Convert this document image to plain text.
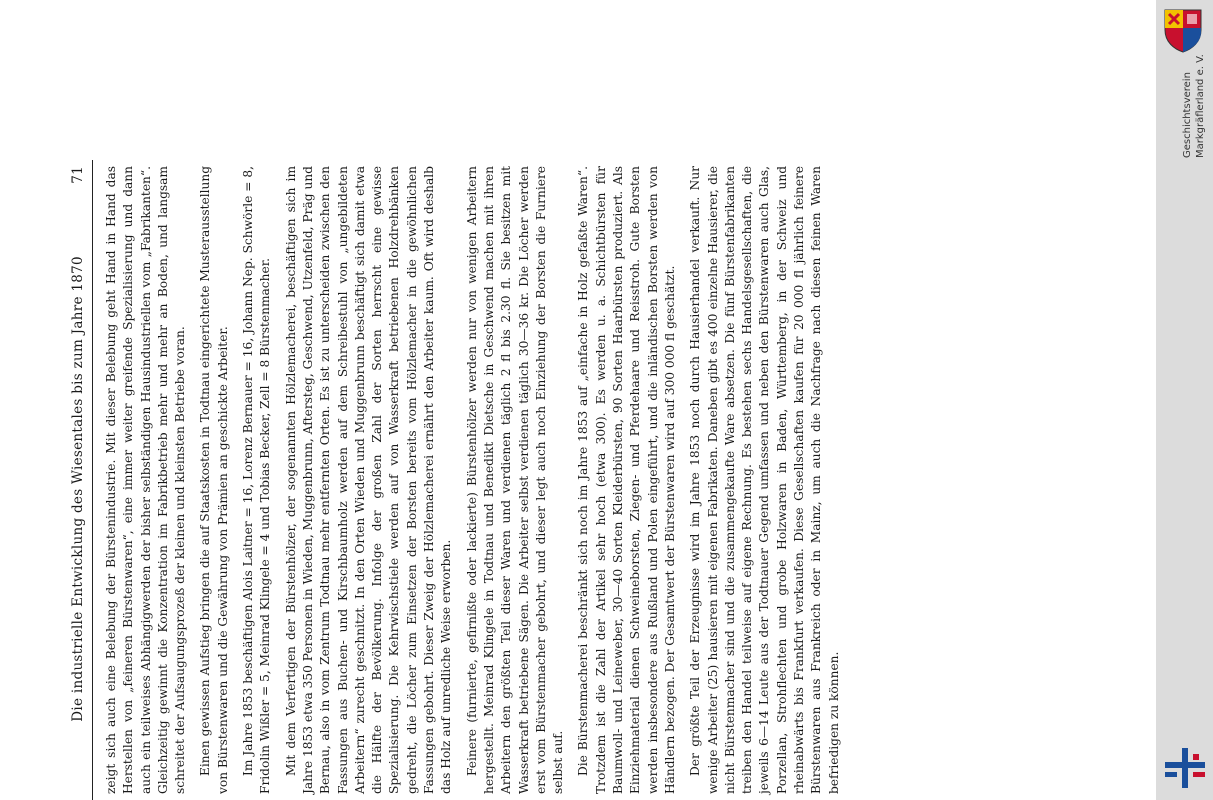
Die industrielle Entwicklung des Wiesentales bis zum Jahre 1870
71 zeigt sich auch eine Belebung der Bürstenindustrie. Mit dieser Belebung geht Hand in Hand das Herstellen von „feineren Bürstenwaren“, eine immer weiter greifende Spezialisierung und dann auch ein teilweises Abhängigwerden der bisher selbständigen Hausindustriellen vom „Fabrikanten“. Gleichzeitig gewinnt die Konzentration im Fabrikbetrieb mehr und mehr an Boden, und langsam schreitet der Aufsaugungsprozeß der kleinen und kleinsten Betriebe voran. Einen gewissen Aufstieg bringen die auf Staatskosten in Todtnau eingerichtete Musterausstellung von Bürstenwaren und die Gewährung von Prämien an geschickte Arbeiter. Im Jahre 1853 beschäftigen Alois Laitner = 16, Lorenz Bernauer = 16, Johann Nep. Schwörle = 8, Fridolin Wißler = 5, Meinrad Klingele = 4 und Tobias Becker, Zell = 8 Bürstenmacher. Mit dem Verfertigen der Bürstenhölzer, der sogenannten Hölzlemacherei, beschäftigen sich im Jahre 1853 etwa 350 Personen in Wieden, Muggenbrunn, Aftersteg, Geschwend, Utzenfeld, Präg und Bernau, also in vom Zentrum Todtnau mehr entfernten Orten. Es ist zu unterscheiden zwischen den Fassungen aus Buchen- und Kirschbaumholz werden auf dem Schreibestuhl von „ungebildeten Arbeitern“ zurecht geschnitzt. In den Orten Wieden und Muggenbrunn beschäftigt sich damit etwa die Hälfte der Bevölkerung. Infolge der großen Zahl der Sorten herrscht eine gewisse Spezialisierung. Die Kehrwischstiele werden auf von Wasserkraft betriebenen Holzdrehbänken gedreht, die Löcher zum Einsetzen der Borsten bereits vom Hölzlemacher in die gewöhnlichen Fassungen gebohrt. Dieser Zweig der Hölzlemacherei ernährt den Arbeiter kaum. Oft wird deshalb das Holz auf unredliche Weise erworben. Feinere (furnierte, gefirnißte oder lackierte) Bürstenhölzer werden nur von wenigen Arbeitern hergestellt. Meinrad Klingele in Todtnau und Benedikt Dietsche in Geschwend machen mit ihren Arbeitern den größten Teil dieser Waren und verdienen täglich 2 fl bis 2.30 fl. Sie besitzen mit Wasserkraft betriebene Sägen. Die Arbeiter selbst verdienen täglich 30—36 kr. Die Löcher werden erst vom Bürstenmacher gebohrt, und dieser legt auch noch Einziehung der Borsten die Furniere selbst auf. Die Bürstenmacherei beschränkt sich noch im Jahre 1853 auf „einfache in Holz gefaßte Waren“. Trotzdem ist die Zahl der Artikel sehr hoch (etwa 300). Es werden u. a. Schichtbürsten für Baumwoll- und Leineweber, 30—40 Sorten Kleiderbürsten, 90 Sorten Haarbürsten produziert. Als Einziehmaterial dienen Schweineborsten, Ziegen- und Pferdehaare und Reisstroh. Gute Borsten werden insbesondere aus Rußland und Polen eingeführt, und die inländischen Borsten werden von Händlern bezogen. Der Gesamtwert der Bürstenwaren wird auf 300 000 fl geschätzt. Der größte Teil der Erzeugnisse wird im Jahre 1853 noch durch Hausierhandel verkauft. Nur wenige Arbeiter (25) hausieren mit eigenen Fabrikaten. Daneben gibt es 400 einzelne Hausierer, die nicht Bürstenmacher sind und die zusammengekaufte Ware absetzen. Die fünf Bürstenfabrikanten treiben den Handel teilweise auf eigene Rechnung. Es bestehen sechs Handelsgesellschaften, die jeweils 6—14 Leute aus der Todtnauer Gegend umfassen und neben den Bürstenwaren auch Glas, Porzellan, Strohflechten und grobe Holzwaren in Baden, Württemberg, in der Schweiz und rheinabwärts bis Frankfurt verkaufen. Diese Gesellschaften kaufen für 20 000 fl jährlich feinere Bürstenwaren aus Frankreich oder in Mainz, um auch die Nachfrage nach diesen feinen Waren befriedigen zu können.

Geschichtsverein Markgräflerland e. V.
